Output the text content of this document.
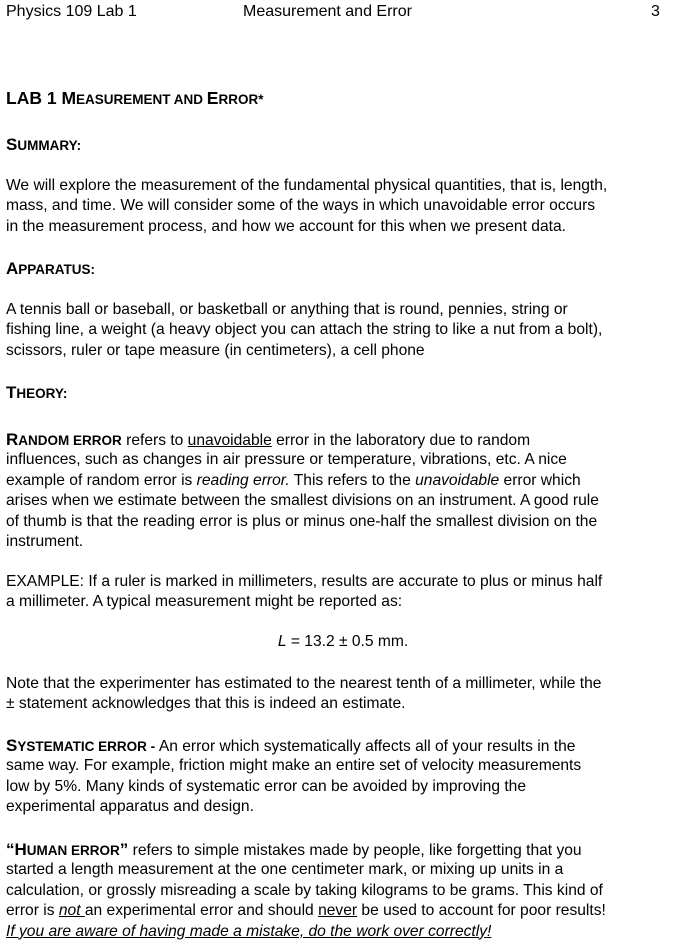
Physics 109 Lab 1	Measurement and Error	3
LAB 1 MEASUREMENT AND ERROR*
SUMMARY:
We will explore the measurement of the fundamental physical quantities, that is, length,
mass, and time. We will consider some of the ways in which unavoidable error occurs
in the measurement process, and how we account for this when we present data.
APPARATUS:
A tennis ball or baseball, or basketball or anything that is round, pennies, string or
fishing line, a weight (a heavy object you can attach the string to like a nut from a bolt),
scissors, ruler or tape measure (in centimeters), a cell phone
THEORY:
RANDOM ERROR refers to unavoidable error in the laboratory due to random
influences, such as changes in air pressure or temperature, vibrations, etc. A nice
example of random error is reading error. This refers to the unavoidable error which
arises when we estimate between the smallest divisions on an instrument. A good rule
of thumb is that the reading error is plus or minus one-half the smallest division on the
instrument.
EXAMPLE: If a ruler is marked in millimeters, results are accurate to plus or minus half
a millimeter. A typical measurement might be reported as:
L = 13.2 ± 0.5 mm.
Note that the experimenter has estimated to the nearest tenth of a millimeter, while the
± statement acknowledges that this is indeed an estimate.
SYSTEMATIC ERROR - An error which systematically affects all of your results in the
same way. For example, friction might make an entire set of velocity measurements
low by 5%. Many kinds of systematic error can be avoided by improving the
experimental apparatus and design.
“HUMAN ERROR” refers to simple mistakes made by people, like forgetting that you
started a length measurement at the one centimeter mark, or mixing up units in a
calculation, or grossly misreading a scale by taking kilograms to be grams. This kind of
error is not an experimental error and should never be used to account for poor results!
If you are aware of having made a mistake, do the work over correctly!
